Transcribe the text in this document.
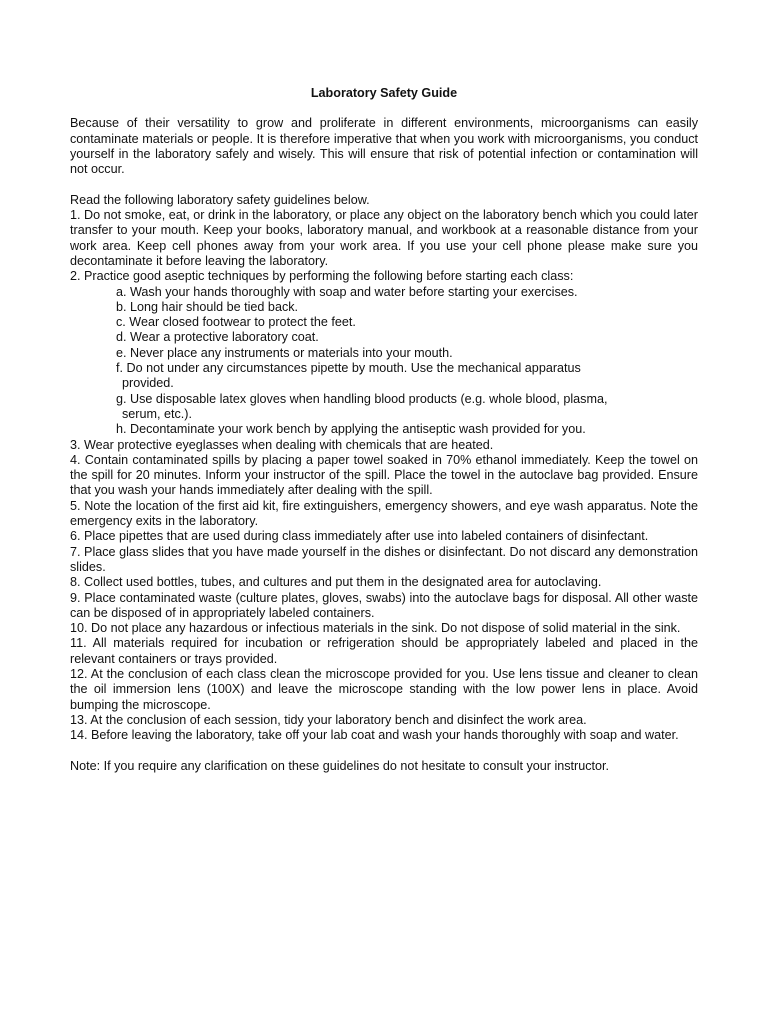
Laboratory Safety Guide

Because of their versatility to grow and proliferate in different environments, microorganisms can easily contaminate materials or people. It is therefore imperative that when you work with microorganisms, you conduct yourself in the laboratory safely and wisely. This will ensure that risk of potential infection or contamination will not occur.

Read the following laboratory safety guidelines below.

1. Do not smoke, eat, or drink in the laboratory, or place any object on the laboratory bench which you could later transfer to your mouth. Keep your books, laboratory manual, and workbook at a reasonable distance from your work area. Keep cell phones away from your work area. If you use your cell phone please make sure you decontaminate it before leaving the laboratory.

2. Practice good aseptic techniques by performing the following before starting each class:

a. Wash your hands thoroughly with soap and water before starting your exercises.

b. Long hair should be tied back.

c. Wear closed footwear to protect the feet.

d. Wear a protective laboratory coat.

e. Never place any instruments or materials into your mouth.

f. Do not under any circumstances pipette by mouth. Use the mechanical apparatus

provided.

g. Use disposable latex gloves when handling blood products (e.g. whole blood, plasma,

serum, etc.).

h. Decontaminate your work bench by applying the antiseptic wash provided for you.

3. Wear protective eyeglasses when dealing with chemicals that are heated.

4. Contain contaminated spills by placing a paper towel soaked in 70% ethanol immediately. Keep the towel on the spill for 20 minutes. Inform your instructor of the spill. Place the towel in the autoclave bag provided. Ensure that you wash your hands immediately after dealing with the spill.

5. Note the location of the first aid kit, fire extinguishers, emergency showers, and eye wash apparatus. Note the emergency exits in the laboratory.

6. Place pipettes that are used during class immediately after use into labeled containers of disinfectant.

7. Place glass slides that you have made yourself in the dishes or disinfectant. Do not discard any demonstration slides.

8. Collect used bottles, tubes, and cultures and put them in the designated area for autoclaving.

9. Place contaminated waste (culture plates, gloves, swabs) into the autoclave bags for disposal. All other waste can be disposed of in appropriately labeled containers.

10. Do not place any hazardous or infectious materials in the sink. Do not dispose of solid material in the sink.

11. All materials required for incubation or refrigeration should be appropriately labeled and placed in the relevant containers or trays provided.

12. At the conclusion of each class clean the microscope provided for you. Use lens tissue and cleaner to clean the oil immersion lens (100X) and leave the microscope standing with the low power lens in place. Avoid bumping the microscope.

13. At the conclusion of each session, tidy your laboratory bench and disinfect the work area.

14. Before leaving the laboratory, take off your lab coat and wash your hands thoroughly with soap and water.

Note: If you require any clarification on these guidelines do not hesitate to consult your instructor.
